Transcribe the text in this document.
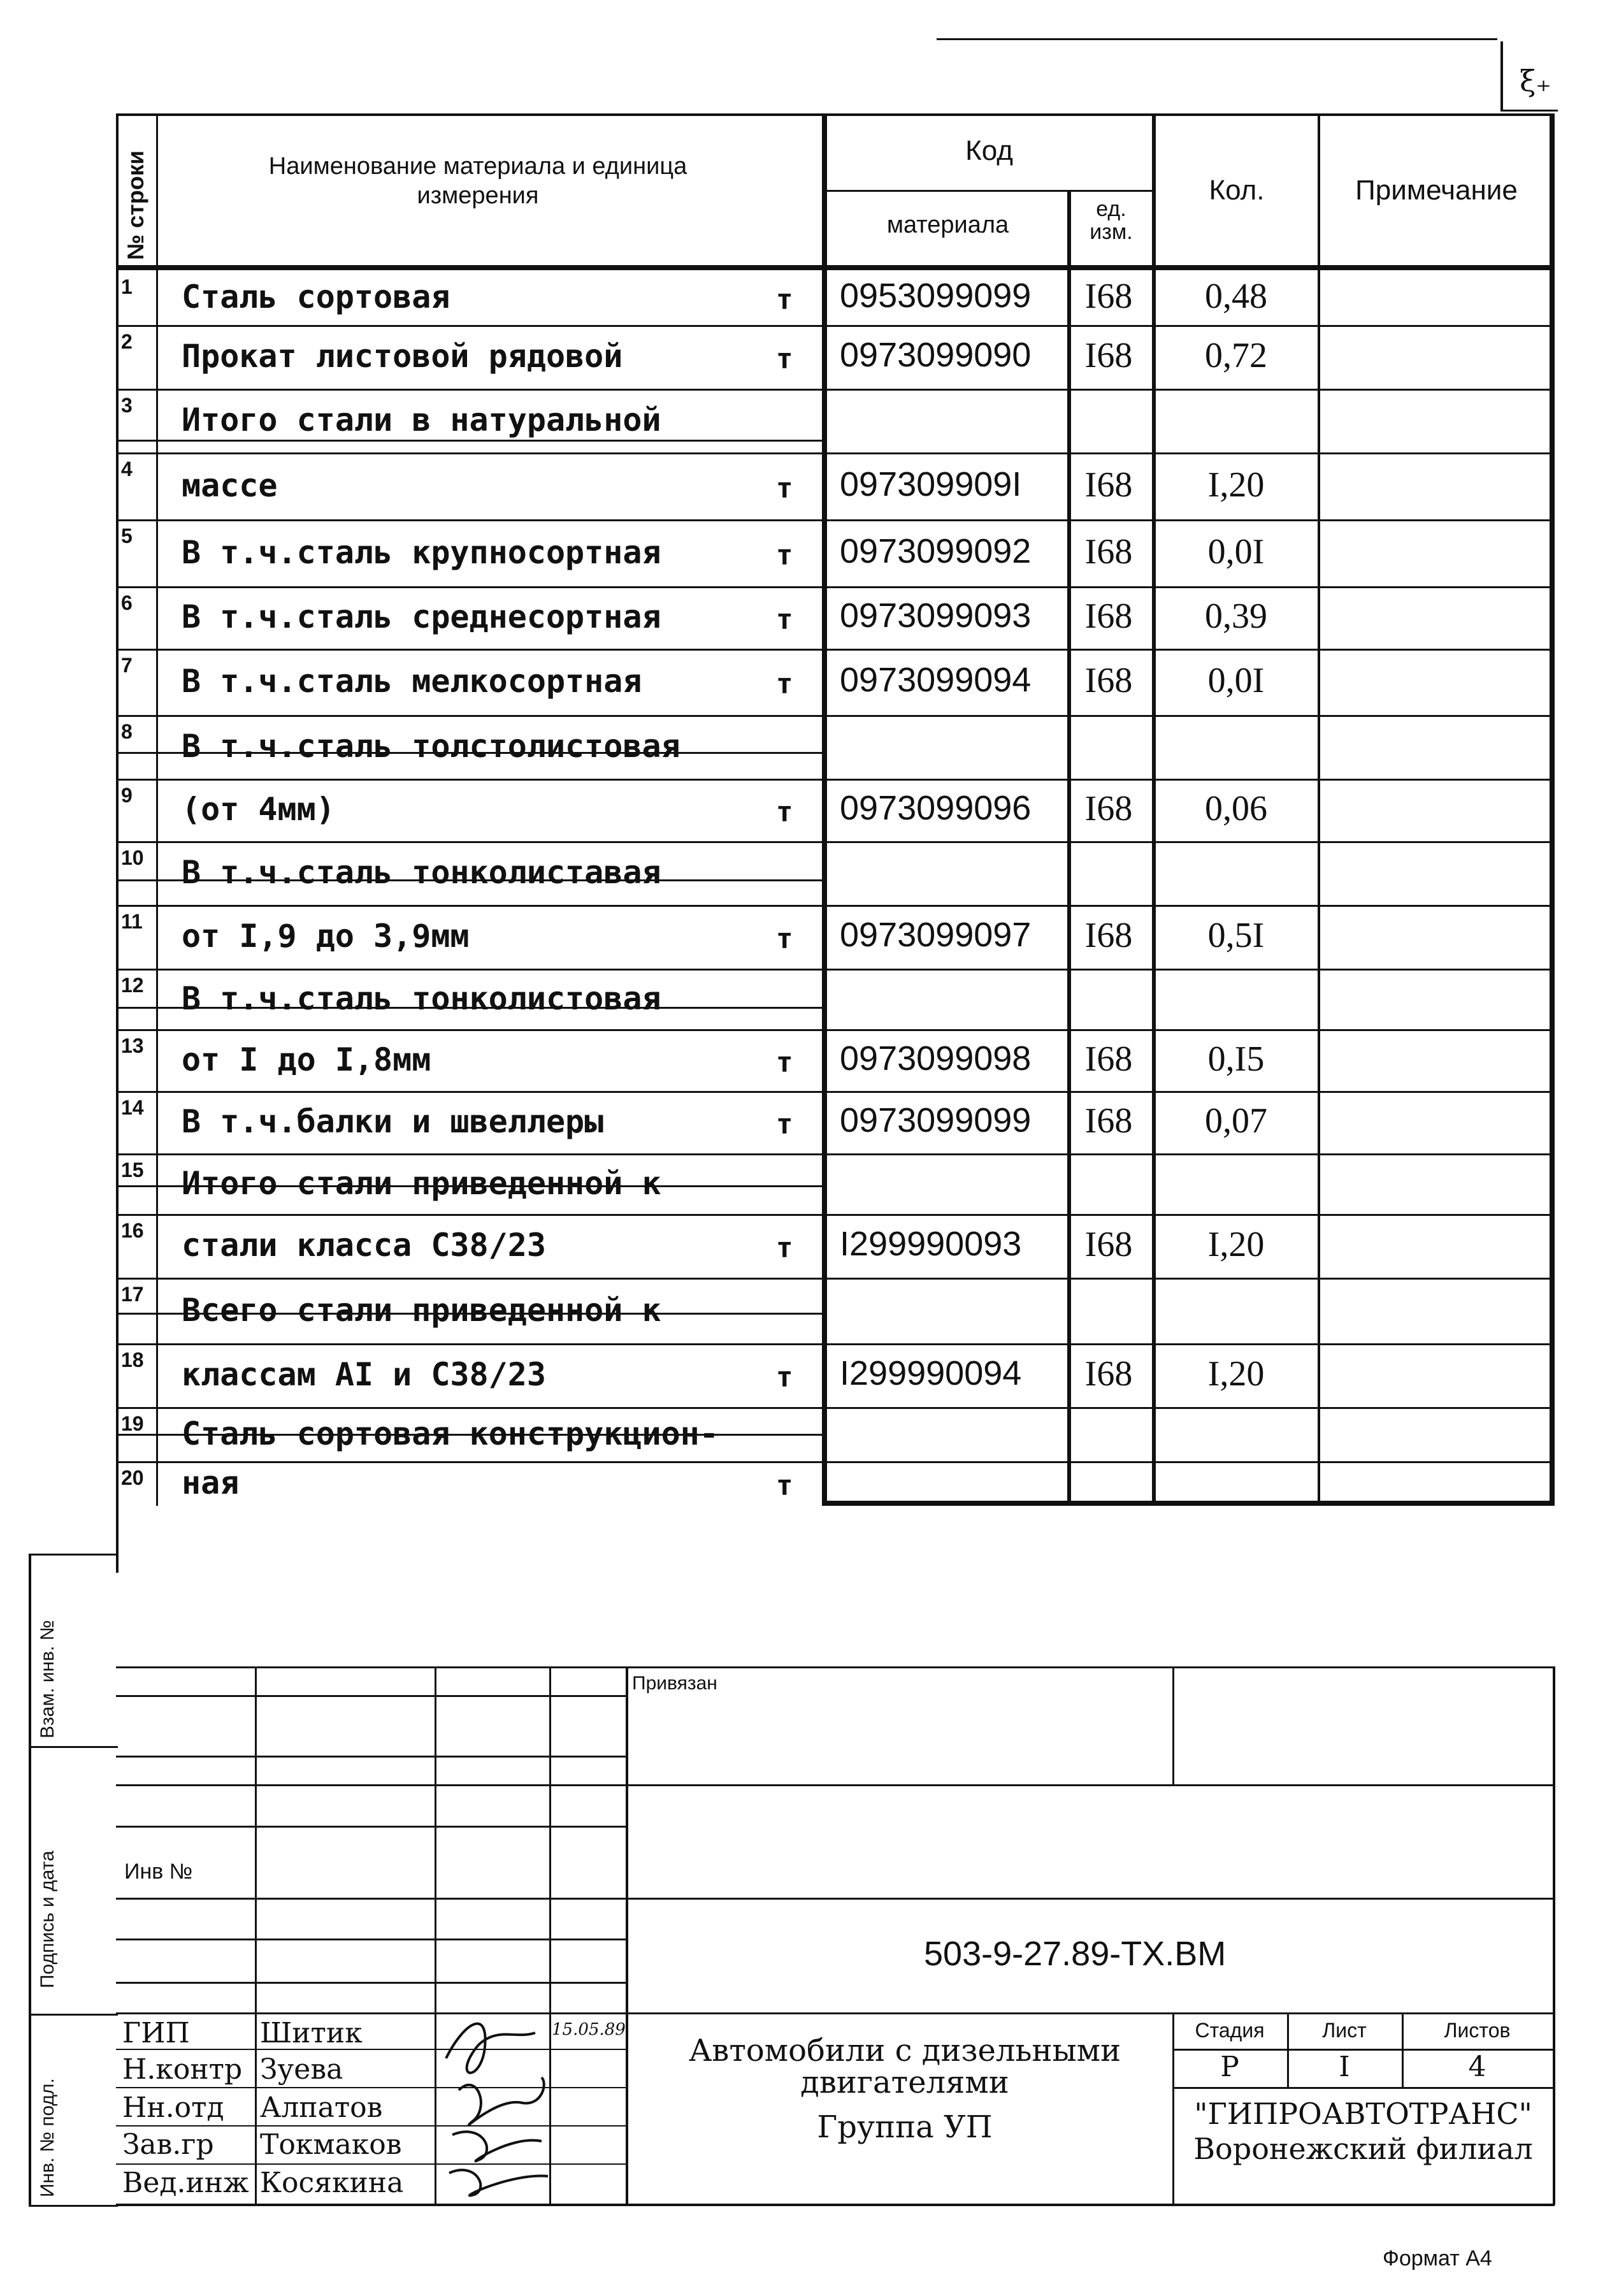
ξ₊
№ строки	Наименование материала и единица измерения
Код
материала
ед.
изм.
Кол.	Примечание
1	Сталь сортовая	т 0953099099	I68	0,48
2	Прокат листовой рядовой	т 0973099090	I68	0,72
3	Итого стали в натуральной
4	массе	т 097309909I	I68	I,20
5	В т.ч.сталь крупносортная	т 0973099092	I68	0,0I
6	В т.ч.сталь среднесортная	т 0973099093	I68	0,39
7	В т.ч.сталь мелкосортная	т 0973099094	I68	0,0I
8	В т.ч.сталь толстолистовая
9	(от 4мм)	т 0973099096	I68	0,06
10 В т.ч.сталь тонколиставая
11	от I,9 до 3,9мм	т 0973099097	I68	0,5I
12 В т.ч.сталь тонколистовая
13 от I до I,8мм	т 0973099098	I68	0,I5
14 В т.ч.балки и швеллеры	т 0973099099	I68	0,07
15 Итого стали приведенной к
16 стали класса С38/23	т I299990093	I68	I,20
17 Всего стали приведенной к
18 классам АI и С38/23	т I299990094	I68	I,20
19 Сталь сортовая конструкцион-
20 ная	т
Взам. инв. №
Подпись и дата
Инв. № подл.
Привязан
Инв №
503-9-27.89-ТХ.ВМ
ГИП	Шитик
Н.контр Зуева
Нн.отд Алпатов
Зав.гр Токмаков
Вед.инж Косякина
15.05.89
Автомобили с дизельными
двигателями
Группа УП
Стадия	Лист	Листов
Р	I	4
"ГИПРОАВТОТРАНС"
Воронежский филиал
Формат А4
